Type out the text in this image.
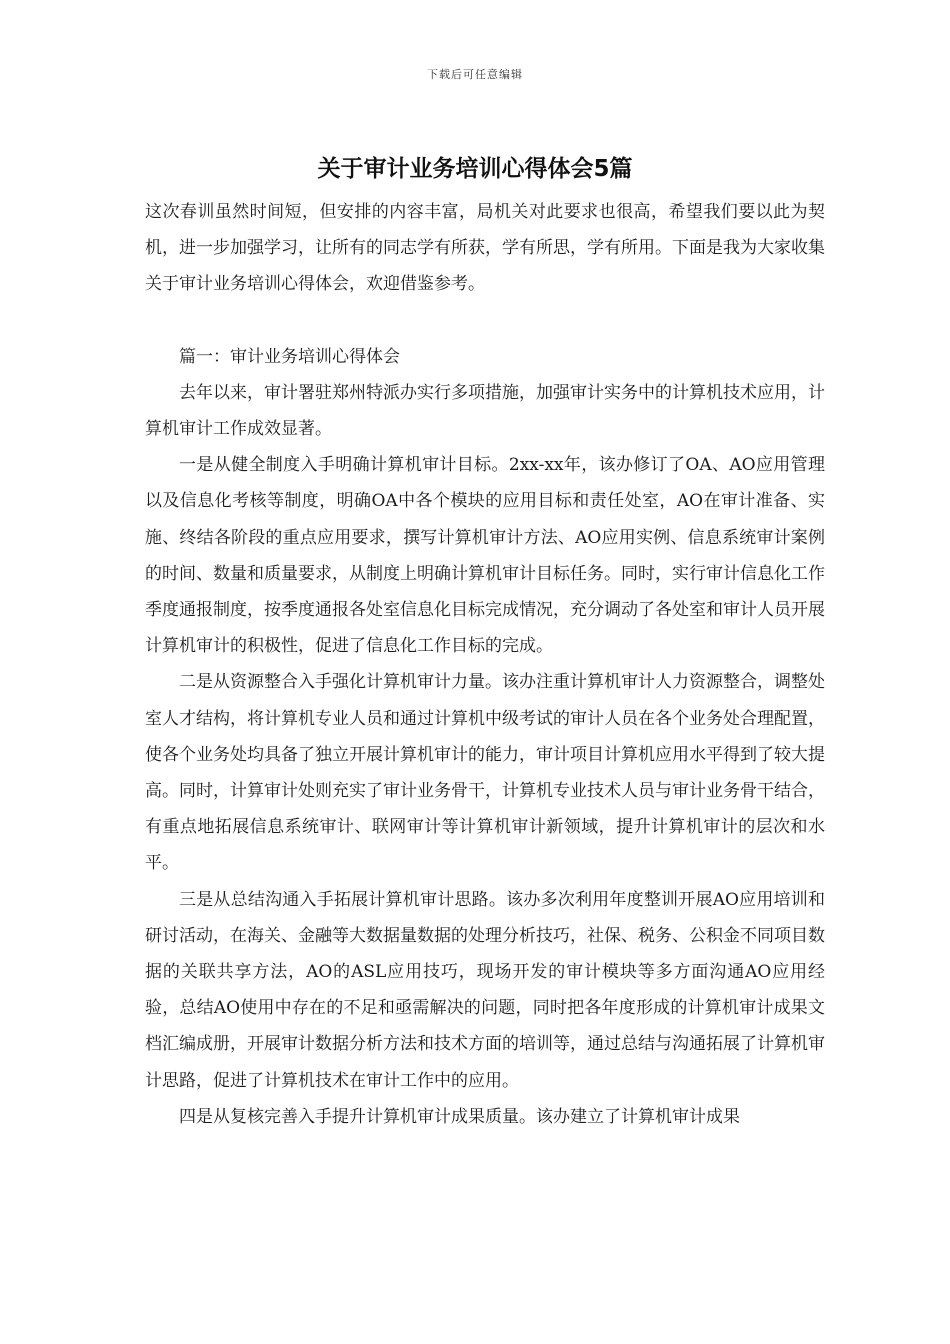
下载后可任意编辑
关于审计业务培训心得体会5篇

这次春训虽然时间短，但安排的内容丰富，局机关对此要求也很高，希望我们要以此为契机，进一步加强学习，让所有的同志学有所获，学有所思，学有所用。下面是我为大家收集关于审计业务培训心得体会，欢迎借鉴参考。

篇一：审计业务培训心得体会

去年以来，审计署驻郑州特派办实行多项措施，加强审计实务中的计算机技术应用，计算机审计工作成效显著。

一是从健全制度入手明确计算机审计目标。2xx-xx年，该办修订了OA、AO应用管理以及信息化考核等制度，明确OA中各个模块的应用目标和责任处室，AO在审计准备、实施、终结各阶段的重点应用要求，撰写计算机审计方法、AO应用实例、信息系统审计案例的时间、数量和质量要求，从制度上明确计算机审计目标任务。同时，实行审计信息化工作季度通报制度，按季度通报各处室信息化目标完成情况，充分调动了各处室和审计人员开展计算机审计的积极性，促进了信息化工作目标的完成。

二是从资源整合入手强化计算机审计力量。该办注重计算机审计人力资源整合，调整处室人才结构，将计算机专业人员和通过计算机中级考试的审计人员在各个业务处合理配置，使各个业务处均具备了独立开展计算机审计的能力，审计项目计算机应用水平得到了较大提高。同时，计算审计处则充实了审计业务骨干，计算机专业技术人员与审计业务骨干结合，有重点地拓展信息系统审计、联网审计等计算机审计新领域，提升计算机审计的层次和水平。

三是从总结沟通入手拓展计算机审计思路。该办多次利用年度整训开展AO应用培训和研讨活动，在海关、金融等大数据量数据的处理分析技巧，社保、税务、公积金不同项目数据的关联共享方法，AO的ASL应用技巧，现场开发的审计模块等多方面沟通AO应用经验，总结AO使用中存在的不足和亟需解决的问题，同时把各年度形成的计算机审计成果文档汇编成册，开展审计数据分析方法和技术方面的培训等，通过总结与沟通拓展了计算机审计思路，促进了计算机技术在审计工作中的应用。

四是从复核完善入手提升计算机审计成果质量。该办建立了计算机审计成果
